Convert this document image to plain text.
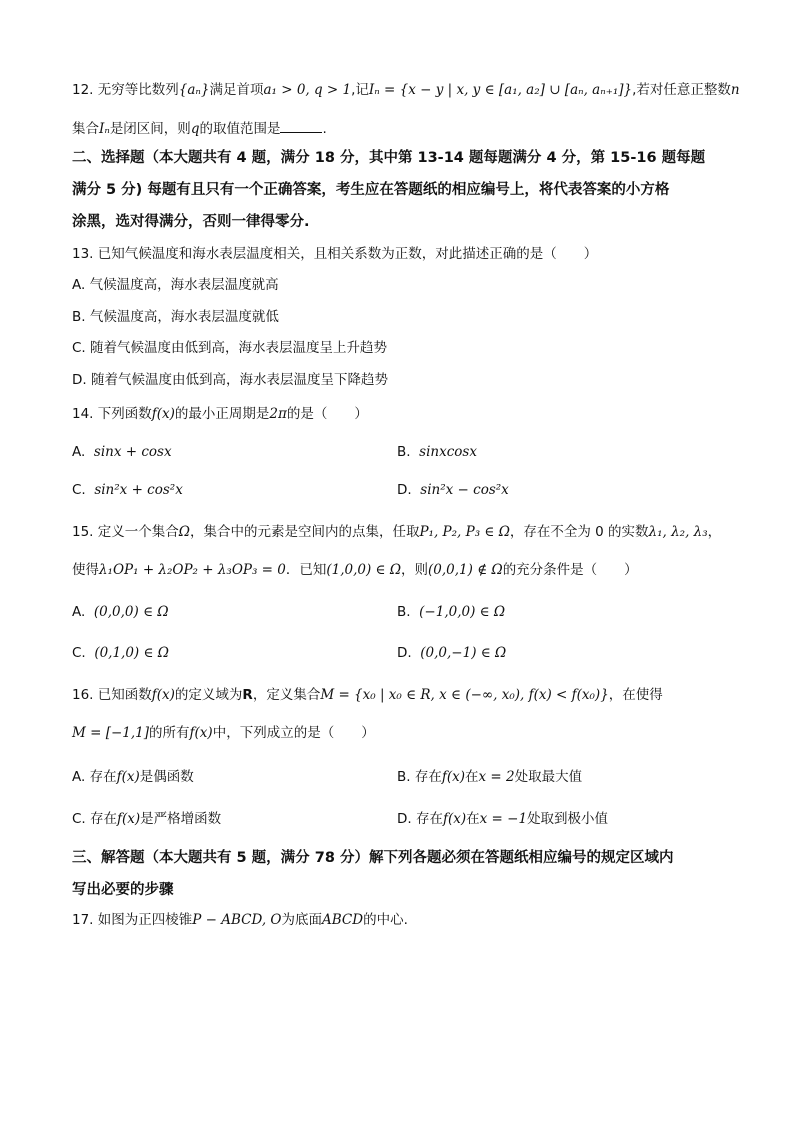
12. 无穷等比数列{aₙ}满足首项a₁ > 0, q > 1,记Iₙ = {x − y | x, y ∈ [a₁, a₂] ∪ [aₙ, aₙ₊₁]},若对任意正整数n
集合Iₙ是闭区间，则q的取值范围是	.
二、选择题（本大题共有 4 题，满分 18 分，其中第 13-14 题每题满分 4 分，第 15-16 题每题
满分 5 分) 每题有且只有一个正确答案，考生应在答题纸的相应编号上，将代表答案的小方格
涂黑，选对得满分，否则一律得零分.
13. 已知气候温度和海水表层温度相关，且相关系数为正数，对此描述正确的是（　　）
A. 气候温度高，海水表层温度就高
B. 气候温度高，海水表层温度就低
C. 随着气候温度由低到高，海水表层温度呈上升趋势
D. 随着气候温度由低到高，海水表层温度呈下降趋势
14. 下列函数f(x)的最小正周期是2π的是（　　）
A. sinx + cosx	B. sinxcosx
C. sin²x + cos²x	D. sin²x − cos²x
15. 定义一个集合Ω，集合中的元素是空间内的点集，任取P₁, P₂, P₃ ∈ Ω，存在不全为 0 的实数λ₁, λ₂, λ₃，
使得λ₁OP₁ + λ₂OP₂ + λ₃OP₃ = 0．已知(1,0,0) ∈ Ω，则(0,0,1) ∉ Ω的充分条件是（　　）
A. (0,0,0) ∈ Ω	B. (−1,0,0) ∈ Ω
C. (0,1,0) ∈ Ω	D. (0,0,−1) ∈ Ω
16. 已知函数f(x)的定义域为R，定义集合M = {x₀ | x₀ ∈ R, x ∈ (−∞, x₀), f(x) < f(x₀)}，在使得
M = [−1,1]的所有f(x)中，下列成立的是（　　）
A. 存在f(x)是偶函数	B. 存在f(x)在x = 2处取最大值
C. 存在f(x)是严格增函数	D. 存在f(x)在x = −1处取到极小值
三、解答题（本大题共有 5 题，满分 78 分）解下列各题必须在答题纸相应编号的规定区域内
写出必要的步骤
17. 如图为正四棱锥P − ABCD, O为底面ABCD的中心.
